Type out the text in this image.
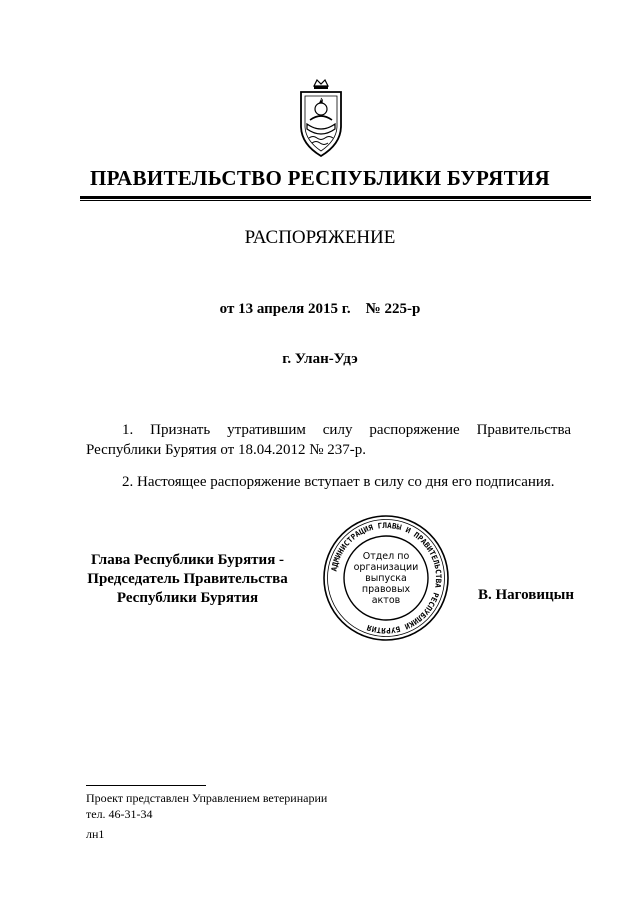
ПРАВИТЕЛЬСТВО РЕСПУБЛИКИ БУРЯТИЯ
РАСПОРЯЖЕНИЕ
от 13 апреля 2015 г.    № 225-р
г. Улан-Удэ
1. Признать утратившим силу распоряжение Правительства Республики Бурятия от 18.04.2012 № 237-р.
2. Настоящее распоряжение вступает в силу со дня его подписания.
Глава Республики Бурятия -
Председатель Правительства
Республики Бурятия
АДМИНИСТРАЦИЯ ГЛАВЫ И ПРАВИТЕЛЬСТВА РЕСПУБЛИКИ БУРЯТИЯ
Отдел по
организации
выпуска
правовых
актов	В. Наговицын
Проект представлен Управлением ветеринарии
тел. 46-31-34
лн1
